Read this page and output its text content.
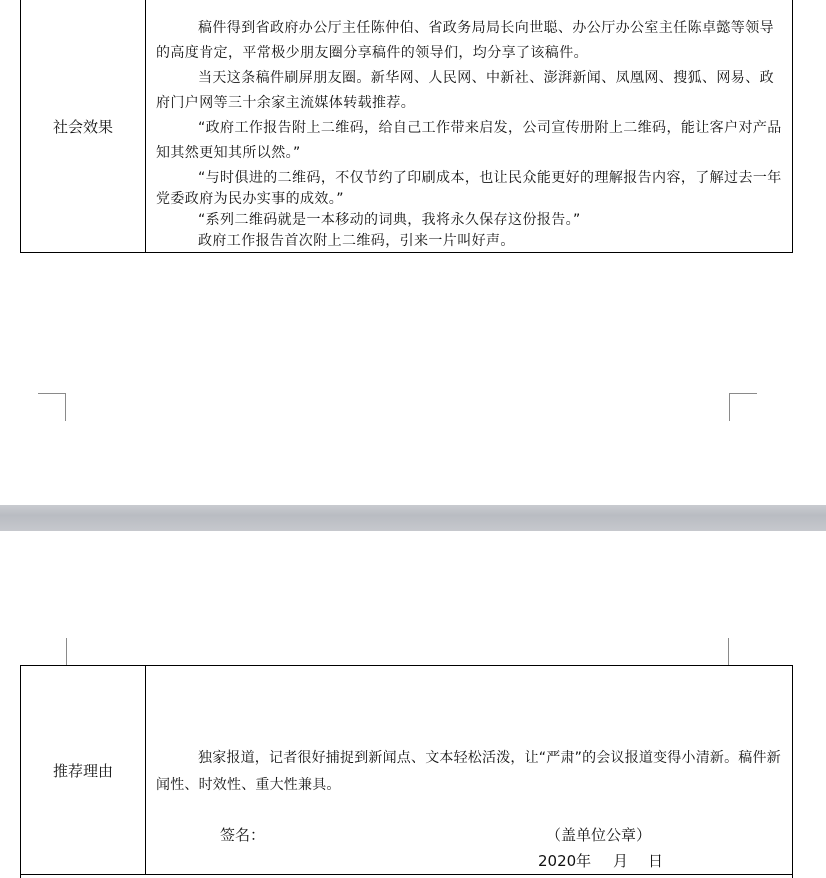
社会效果	

稿件得到省政府办公厅主任陈仲伯、省政务局局长向世聪、办公厅办公室主任陈卓懿等领导的高度肯定，平常极少朋友圈分享稿件的领导们，均分享了该稿件。

当天这条稿件刷屏朋友圈。新华网、人民网、中新社、澎湃新闻、凤凰网、搜狐、网易、政府门户网等三十余家主流媒体转载推荐。

“政府工作报告附上二维码，给自己工作带来启发，公司宣传册附上二维码，能让客户对产品知其然更知其所以然。”

“与时俱进的二维码，不仅节约了印刷成本，也让民众能更好的理解报告内容，了解过去一年党委政府为民办实事的成效。”

“系列二维码就是一本移动的词典，我将永久保存这份报告。”

政府工作报告首次附上二维码，引来一片叫好声。

推荐理由	

独家报道，记者很好捕捉到新闻点、文本轻松活泼，让“严肃”的会议报道变得小清新。稿件新闻性、时效性、重大性兼具。

签名：	（盖单位公章）
2020年 月 日
